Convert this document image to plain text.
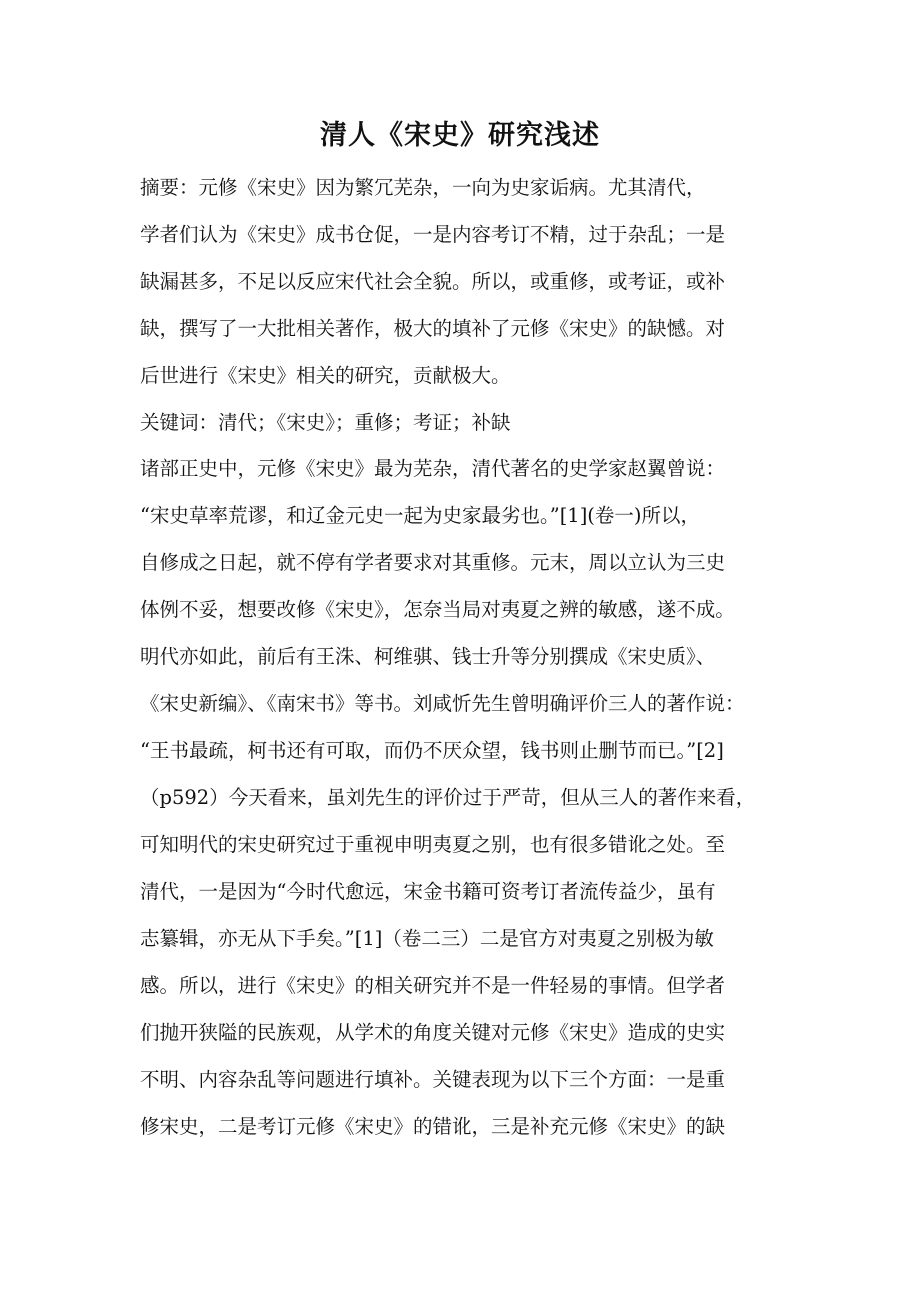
清人《宋史》研究浅述
摘要：元修《宋史》因为繁冗芜杂，一向为史家诟病。尤其清代，
学者们认为《宋史》成书仓促，一是内容考订不精，过于杂乱；一是
缺漏甚多，不足以反应宋代社会全貌。所以，或重修，或考证，或补
缺，撰写了一大批相关著作，极大的填补了元修《宋史》的缺憾。对
后世进行《宋史》相关的研究，贡献极大。
关键词：清代；《宋史》；重修；考证；补缺
诸部正史中，元修《宋史》最为芜杂，清代著名的史学家赵翼曾说：
“宋史草率荒谬，和辽金元史一起为史家最劣也。”[1](卷一)所以，
自修成之日起，就不停有学者要求对其重修。元末，周以立认为三史
体例不妥，想要改修《宋史》，怎奈当局对夷夏之辨的敏感，遂不成。
明代亦如此，前后有王洙、柯维骐、钱士升等分别撰成《宋史质》、
《宋史新编》、《南宋书》等书。刘咸忻先生曾明确评价三人的著作说：
“王书最疏，柯书还有可取，而仍不厌众望，钱书则止删节而已。”[2]
（p592）今天看来，虽刘先生的评价过于严苛，但从三人的著作来看，
可知明代的宋史研究过于重视申明夷夏之别，也有很多错讹之处。至
清代，一是因为“今时代愈远，宋金书籍可资考订者流传益少，虽有
志纂辑，亦无从下手矣。”[1]（卷二三）二是官方对夷夏之别极为敏
感。所以，进行《宋史》的相关研究并不是一件轻易的事情。但学者
们抛开狭隘的民族观，从学术的角度关键对元修《宋史》造成的史实
不明、内容杂乱等问题进行填补。关键表现为以下三个方面：一是重
修宋史，二是考订元修《宋史》的错讹，三是补充元修《宋史》的缺
